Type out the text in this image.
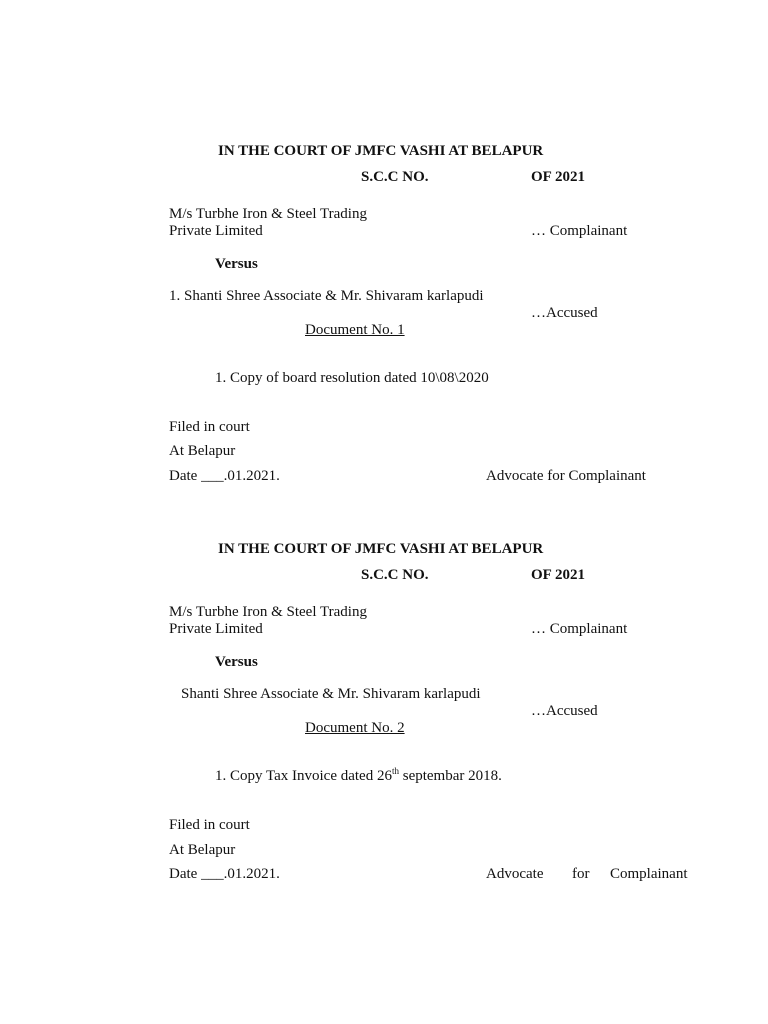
IN THE COURT OF JMFC VASHI AT BELAPUR
S.C.C NO.	OF 2021
M/s Turbhe Iron & Steel Trading
Private Limited	… Complainant
Versus
1. Shanti Shree Associate & Mr. Shivaram karlapudi
…Accused
Document No. 1
1. Copy of board resolution dated 10\08\2020
Filed in court
At Belapur
Date ___.01.2021.	Advocate for Complainant
IN THE COURT OF JMFC VASHI AT BELAPUR
S.C.C NO.	OF 2021
M/s Turbhe Iron & Steel Trading
Private Limited	… Complainant
Versus
Shanti Shree Associate & Mr. Shivaram karlapudi
…Accused
Document No. 2
1. Copy Tax Invoice dated 26th septembar 2018.
Filed in court
At Belapur
Date ___.01.2021.	Advocate for Complainant
